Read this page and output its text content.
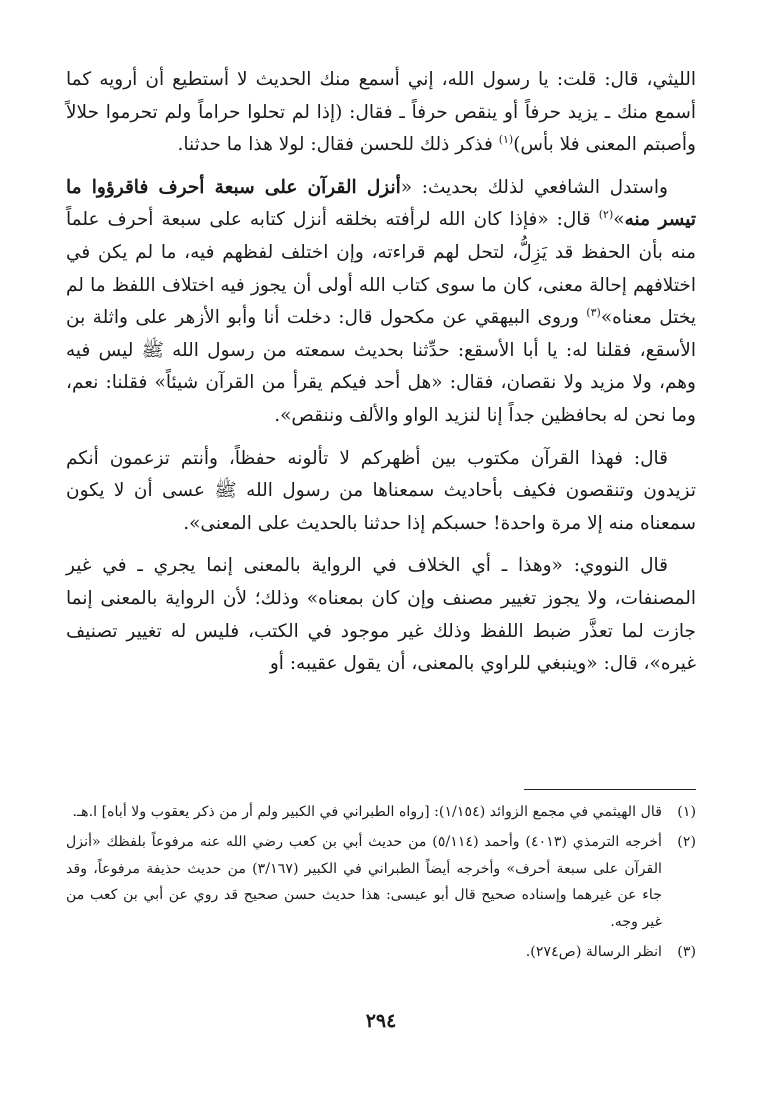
الليثي، قال: قلت: يا رسول الله، إني أسمع منك الحديث لا أستطيع أن أرويه كما أسمع منك ـ يزيد حرفاً أو ينقص حرفاً ـ فقال: (إذا لم تحلوا حراماً ولم تحرموا حلالاً وأصبتم المعنى فلا بأس)$^{(١)}$ فذكر ذلك للحسن فقال: لولا هذا ما حدثنا.

واستدل الشافعي لذلك بحديث: «أنزل القرآن على سبعة أحرف فاقرؤوا ما تيسر منه»$^{(٢)}$ قال: «فإذا كان الله لرأفته بخلقه أنزل كتابه على سبعة أحرف علماً منه بأن الحفظ قد يَزِلُّ، لتحل لهم قراءته، وإن اختلف لفظهم فيه، ما لم يكن في اختلافهم إحالة معنى، كان ما سوى كتاب الله أولى أن يجوز فيه اختلاف اللفظ ما لم يختل معناه»$^{(٣)}$ وروى البيهقي عن مكحول قال: دخلت أنا وأبو الأزهر على واثلة بن الأسقع، فقلنا له: يا أبا الأسقع: حدِّثنا بحديث سمعته من رسول الله ﷺ ليس فيه وهم، ولا مزيد ولا نقصان، فقال: «هل أحد فيكم يقرأ من القرآن شيئاً» فقلنا: نعم، وما نحن له بحافظين جداً إنا لنزيد الواو والألف وننقص».

قال: فهذا القرآن مكتوب بين أظهركم لا تألونه حفظاً، وأنتم تزعمون أنكم تزيدون وتنقصون فكيف بأحاديث سمعناها من رسول الله ﷺ عسى أن لا يكون سمعناه منه إلا مرة واحدة! حسبكم إذا حدثنا بالحديث على المعنى».

قال النووي: «وهذا ـ أي الخلاف في الرواية بالمعنى إنما يجري ـ في غير المصنفات، ولا يجوز تغيير مصنف وإن كان بمعناه» وذلك؛ لأن الرواية بالمعنى إنما جازت لما تعذَّر ضبط اللفظ وذلك غير موجود في الكتب، فليس له تغيير تصنيف غيره»، قال: «وينبغي للراوي بالمعنى، أن يقول عقيبه: أو

(١)
قال الهيثمي في مجمع الزوائد (١/١٥٤): [رواه الطبراني في الكبير ولم أر من ذكر يعقوب ولا أباه] ا.هـ.
(٢)
أخرجه الترمذي (٤٠١٣) وأحمد (٥/١١٤) من حديث أبي بن كعب رضي الله عنه مرفوعاً بلفظك «أنزل القرآن على سبعة أحرف» وأخرجه أيضاً الطبراني في الكبير (٣/١٦٧) من حديث حذيفة مرفوعاً، وقد جاء عن غيرهما وإسناده صحيح قال أبو عيسى: هذا حديث حسن صحيح قد روي عن أبي بن كعب من غير وجه.
(٣)
انظر الرسالة (ص٢٧٤).
٢٩٤
